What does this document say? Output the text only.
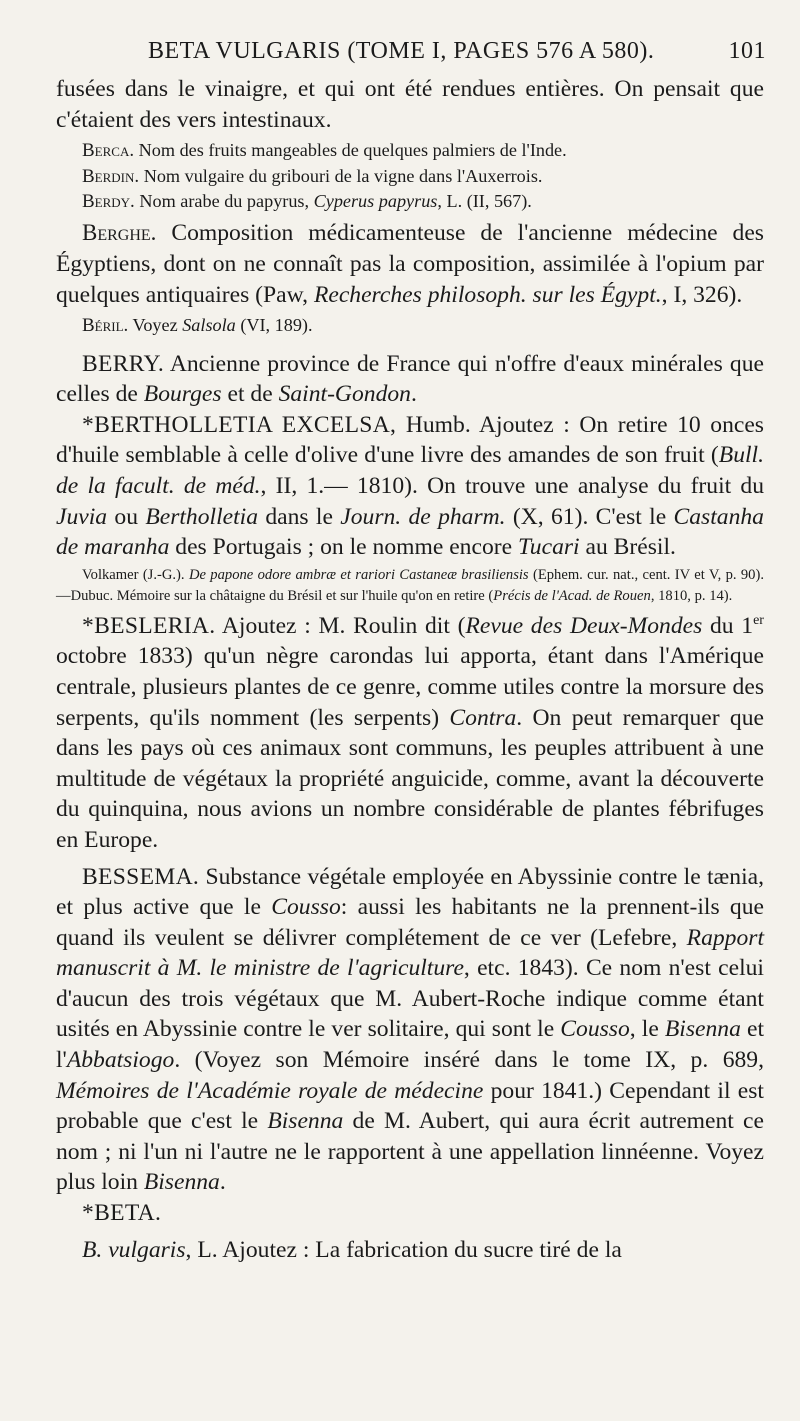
BETA VULGARIS (TOME I, PAGES 576 A 580).	101

fusées dans le vinaigre, et qui ont été rendues entières. On pensait que c'étaient des vers intestinaux.

Berca. Nom des fruits mangeables de quelques palmiers de l'Inde.

Berdin. Nom vulgaire du gribouri de la vigne dans l'Auxerrois.

Berdy. Nom arabe du papyrus, Cyperus papyrus, L. (II, 567).

Berghe. Composition médicamenteuse de l'ancienne médecine des Égyptiens, dont on ne connaît pas la composition, assimilée à l'opium par quelques antiquaires (Paw, Recherches philosoph. sur les Égypt., I, 326).

Béril. Voyez Salsola (VI, 189).

BERRY. Ancienne province de France qui n'offre d'eaux minérales que celles de Bourges et de Saint-Gondon.

*BERTHOLLETIA EXCELSA, Humb. Ajoutez : On retire 10 onces d'huile semblable à celle d'olive d'une livre des amandes de son fruit (Bull. de la facult. de méd., II, 1.— 1810). On trouve une analyse du fruit du Juvia ou Bertholletia dans le Journ. de pharm. (X, 61). C'est le Castanha de maranha des Portugais ; on le nomme encore Tucari au Brésil.

Volkamer (J.-G.). De papone odore ambræ et rariori Castaneæ brasiliensis (Ephem. cur. nat., cent. IV et V, p. 90).—Dubuc. Mémoire sur la châtaigne du Brésil et sur l'huile qu'on en retire (Précis de l'Acad. de Rouen, 1810, p. 14).

*BESLERIA. Ajoutez : M. Roulin dit (Revue des Deux-Mondes du 1er octobre 1833) qu'un nègre carondas lui apporta, étant dans l'Amérique centrale, plusieurs plantes de ce genre, comme utiles contre la morsure des serpents, qu'ils nomment (les serpents) Contra. On peut remarquer que dans les pays où ces animaux sont communs, les peuples attribuent à une multitude de végétaux la propriété anguicide, comme, avant la découverte du quinquina, nous avions un nombre considérable de plantes fébrifuges en Europe.

BESSEMA. Substance végétale employée en Abyssinie contre le tænia, et plus active que le Cousso: aussi les habitants ne la prennent-ils que quand ils veulent se délivrer complétement de ce ver (Lefebre, Rapport manuscrit à M. le ministre de l'agriculture, etc. 1843). Ce nom n'est celui d'aucun des trois végétaux que M. Aubert-Roche indique comme étant usités en Abyssinie contre le ver solitaire, qui sont le Cousso, le Bisenna et l'Abbatsiogo. (Voyez son Mémoire inséré dans le tome IX, p. 689, Mémoires de l'Académie royale de médecine pour 1841.) Cependant il est probable que c'est le Bisenna de M. Aubert, qui aura écrit autrement ce nom ; ni l'un ni l'autre ne le rapportent à une appellation linnéenne. Voyez plus loin Bisenna.

*BETA.

B. vulgaris, L. Ajoutez : La fabrication du sucre tiré de la
